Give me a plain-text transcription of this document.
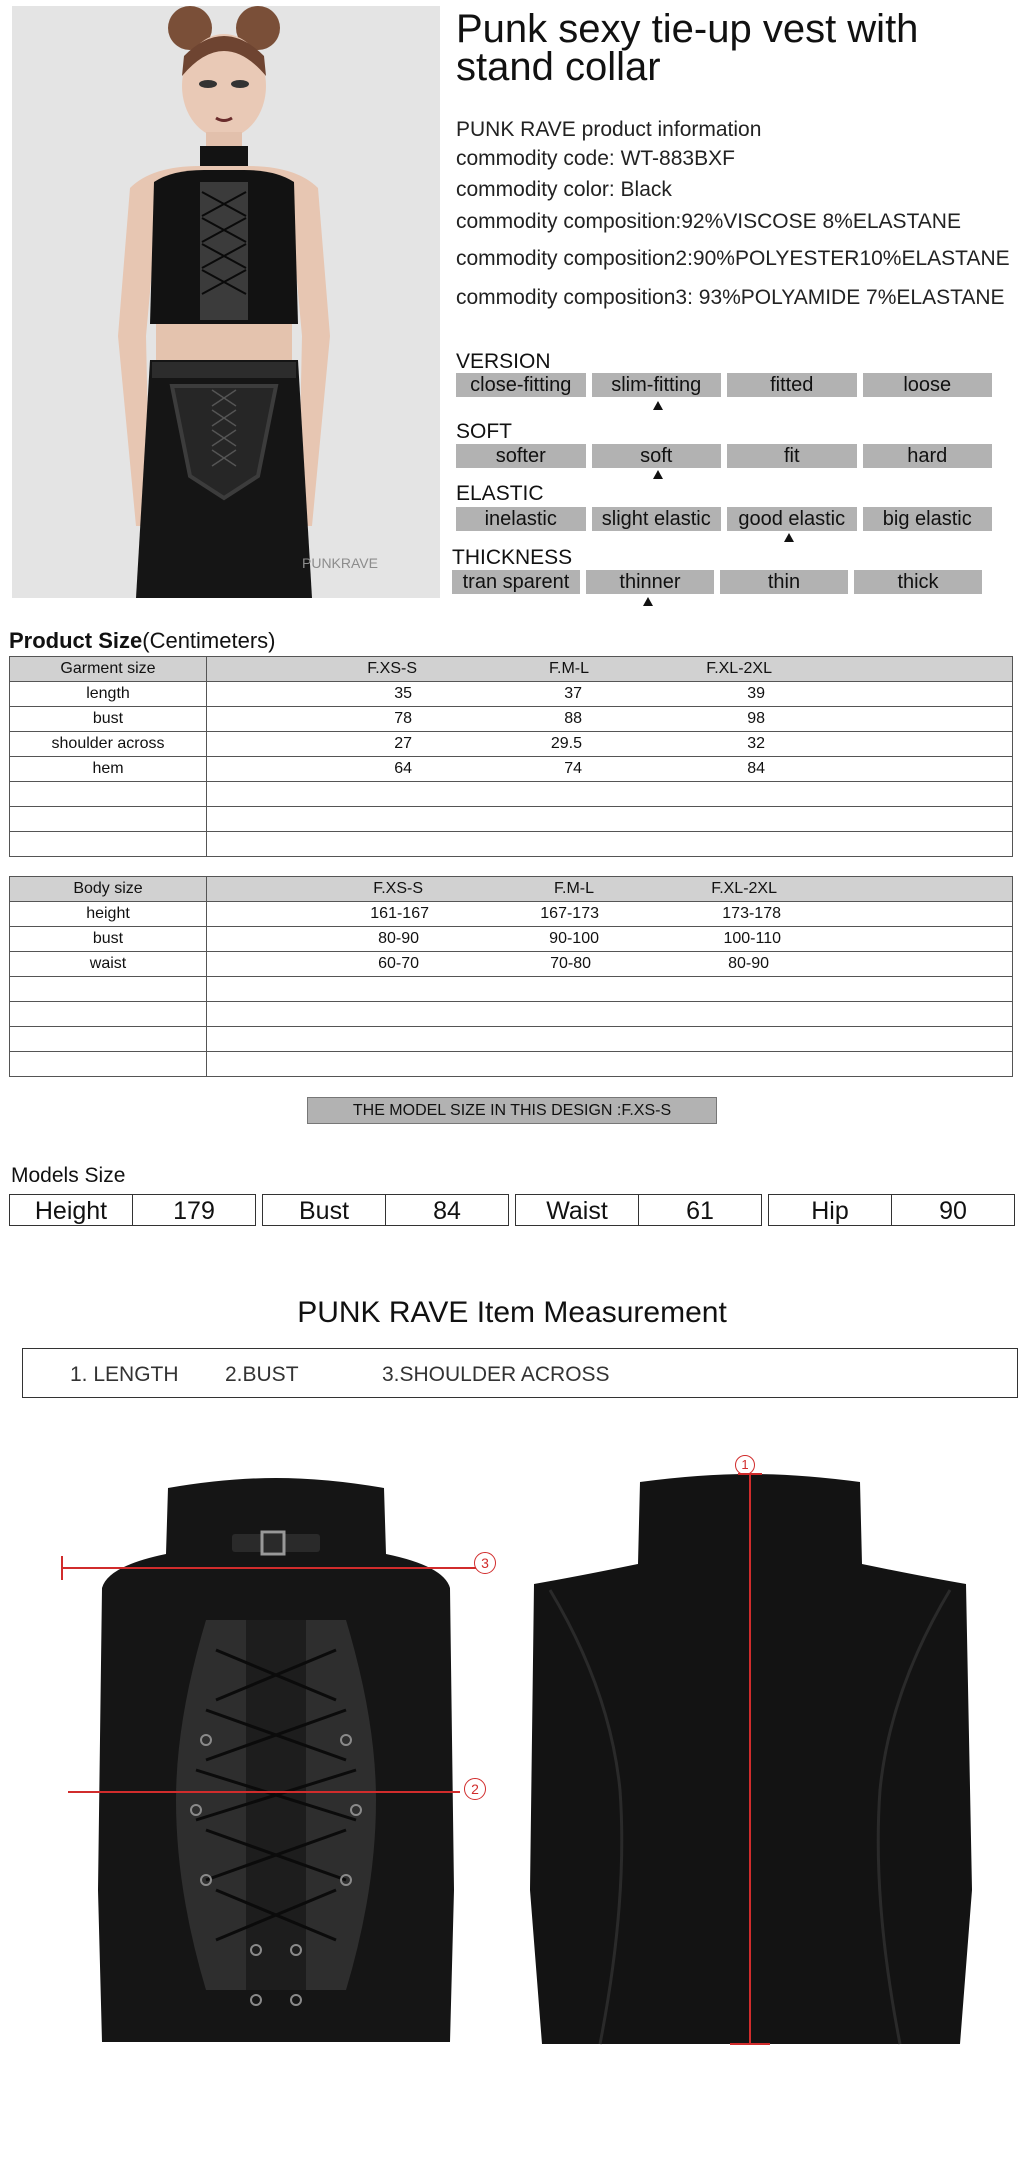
PUNKRAVE
Punk sexy tie-up vest with stand collar
PUNK RAVE product information
commodity code: WT-883BXF
commodity color: Black
commodity composition:92%VISCOSE 8%ELASTANE
commodity composition2:90%POLYESTER10%ELASTANE
commodity composition3: 93%POLYAMIDE 7%ELASTANE
VERSION
close-fitting	slim-fitting	fitted	loose
SOFT
softer	soft	fit	hard
ELASTIC
inelastic	slight elastic	good elastic	big elastic
THICKNESS
tran sparent	thinner	thin	thick
Product Size(Centimeters)
Garment size	F.XS-S F.M-L F.XL-2XL
length	35 37 39
bust	78 88 98
shoulder across	27 29.5 32
hem	64 74 84

Body size	F.XS-S F.M-L F.XL-2XL
height	161-167 167-173 173-178
bust	80-90 90-100 100-110
waist	60-70 70-80 80-90

THE MODEL SIZE IN THIS DESIGN :F.XS-S
Models Size
Height	179	Bust	84	Waist	61	Hip	90
PUNK RAVE Item Measurement
1. LENGTH 2.BUST	3.SHOULDER ACROSS
3
2
1
